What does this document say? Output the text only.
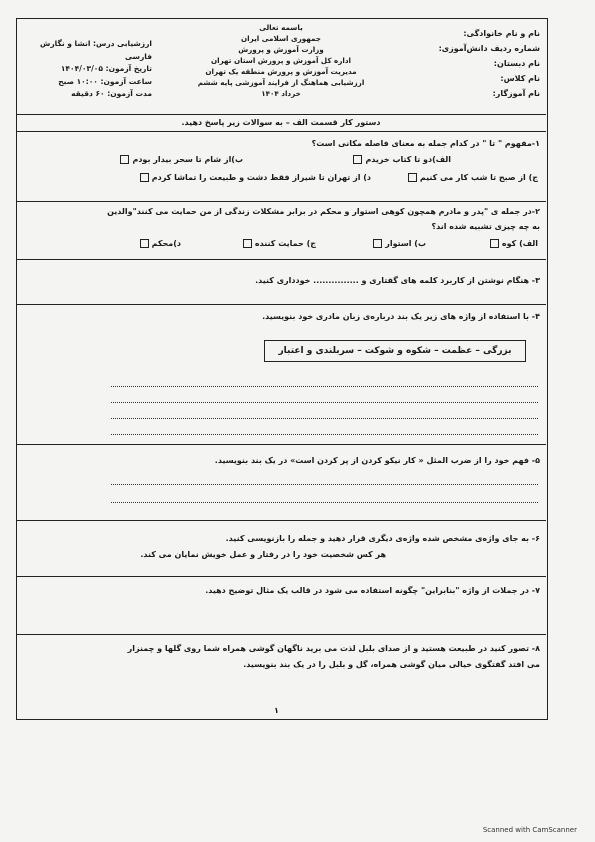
نام و نام خانوادگی:
شماره ردیف دانش‌آموزی:
نام دبستان:
نام کلاس:
نام آموزگار:
باسمه تعالی
جمهوری اسلامی ایران
وزارت آموزش و پرورش
اداره کل آموزش و پرورش استان تهران
مدیریت آموزش و پرورش منطقه یک تهران
ارزشیابی هماهنگ از فرایند آموزشی پایه ششم
خرداد ۱۴۰۴
ارزشیابی درس: انشا و نگارش فارسی
تاریخ آزمون: ۱۴۰۴/۰۳/۰۵
ساعت آزمون: ۱۰:۰۰ صبح
مدت آزمون: ۶۰ دقیقه
دستور کار قسمت الف – به سوالات زیر پاسخ دهید.
۱-مفهوم " تا " در کدام جمله به معنای فاصله مکانی است؟
الف)دو تا کتاب خریدم
ب)از شام تا سحر بیدار بودم
ج) از صبح تا شب کار می کنیم
د) از تهران تا شیراز فقط دشت و طبیعت را تماشا کردم
۲-در جمله ی "پدر و مادرم همچون کوهی استوار و محکم در برابر مشکلات زندگی از من حمایت می کنند"والدین
به چه چیزی تشبیه شده اند؟
الف) کوه
ب) استوار
ج) حمایت کننده
د)محکم
۳- هنگام نوشتن از کاربرد کلمه های گفتاری و ............... خودداری کنید.
۴- با استفاده از واژه های زیر یک بند درباره‌ی زبان مادری خود بنویسید.
بزرگی – عظمت – شکوه و شوکت – سربلندی و اعتبار
۵- فهم خود را از ضرب المثل « کار نیکو کردن از پر کردن است» در یک بند بنویسید.
۶- به جای واژه‌ی مشخص شده واژه‌ی دیگری قرار دهید و جمله را بازنویسی کنید.
هر کس شخصیت خود را در رفتار و عمل خویش نمایان می کند.
۷- در جملات از واژه "بنابراین" چگونه استفاده می شود در قالب یک مثال توضیح دهید.
۸- تصور کنید در طبیعت هستید و از صدای بلبل لذت می برید ناگهان گوشی همراه شما روی گلها و چمنزار
می افتد گفتگوی خیالی میان گوشی همراه، گل و بلبل را در یک بند بنویسید.
۱
Scanned with CamScanner
